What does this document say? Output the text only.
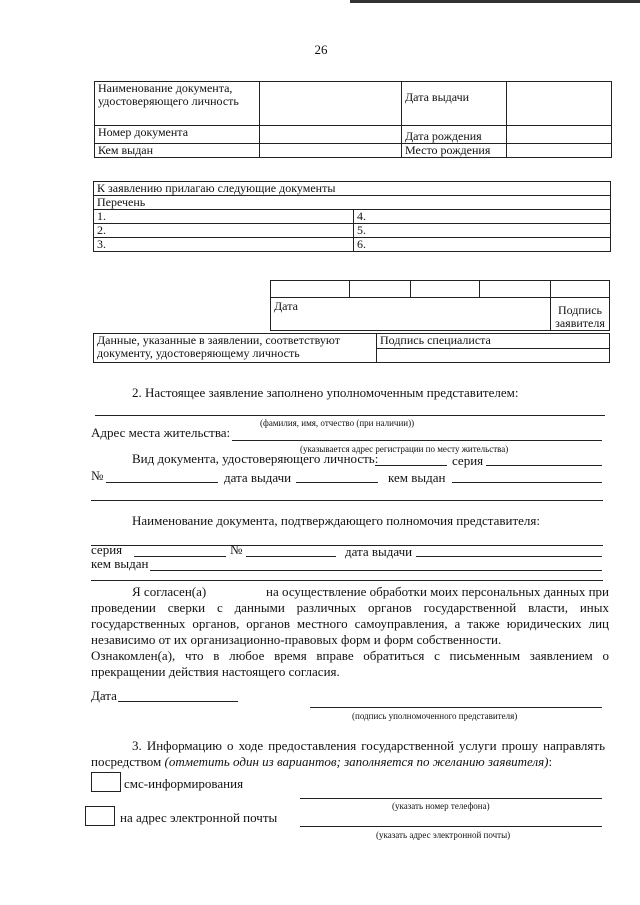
26
Наименование документа, удостоверяющего личность		Дата выдачи	
Номер документа		Дата рождения	
Кем выдан		Место рождения	
К заявлению прилагаю следующие документы	
Перечень	
1.	4.
2.	5.
3.	6.

Дата				Подпись заявителя
Данные, указанные в заявлении, соответствуют документу, удостоверяющему личность	Подпись специалиста

2. Настоящее заявление заполнено уполномоченным представителем:
(фамилия, имя, отчество (при наличии))
Адрес места жительства:
(указывается адрес регистрации по месту жительства)
Вид документа, удостоверяющего личность:	серия
№	дата выдачи	кем выдан
Наименование документа, подтверждающего полномочия представителя:
серия	№	дата выдачи
кем выдан
Я согласен(а)	на осуществление обработки моих персональных данных при
проведении сверки с данными различных органов государственной власти, иных государственных органов, органов местного самоуправления, а также юридических лиц независимо от их организационно-правовых форм и форм собственности.
Ознакомлен(а), что в любое время вправе обратиться с письменным заявлением о прекращении действия настоящего согласия.
Дата
(подпись уполномоченного представителя)
3. Информацию о ходе предоставления государственной услуги прошу направлять посредством (отметить один из вариантов; заполняется по желанию заявителя):
смс-информирования
(указать номер телефона)
на адрес электронной почты
(указать адрес электронной почты)
